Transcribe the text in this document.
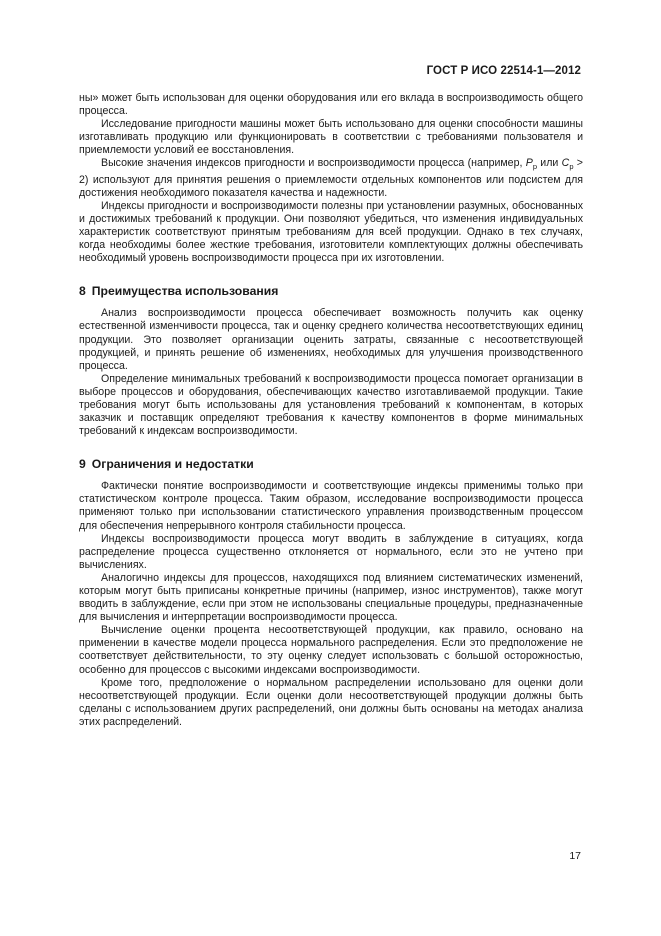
ГОСТ Р ИСО 22514-1—2012

ны» может быть использован для оценки оборудования или его вклада в воспроизводимость общего процесса.

Исследование пригодности машины может быть использовано для оценки способности машины изготавливать продукцию или функционировать в соответствии с требованиями пользователя и приемлемости условий ее восстановления.

Высокие значения индексов пригодности и воспроизводимости процесса (например, $P_p$ или $C_p > 2$) используют для принятия решения о приемлемости отдельных компонентов или подсистем для достижения необходимого показателя качества и надежности.

Индексы пригодности и воспроизводимости полезны при установлении разумных, обоснованных и достижимых требований к продукции. Они позволяют убедиться, что изменения индивидуальных характеристик соответствуют принятым требованиям для всей продукции. Однако в тех случаях, когда необходимы более жесткие требования, изготовители комплектующих должны обеспечивать необходимый уровень воспроизводимости процесса при их изготовлении.

8 Преимущества использования

Анализ воспроизводимости процесса обеспечивает возможность получить как оценку естественной изменчивости процесса, так и оценку среднего количества несоответствующих единиц продукции. Это позволяет организации оценить затраты, связанные с несоответствующей продукцией, и принять решение об изменениях, необходимых для улучшения производственного процесса.

Определение минимальных требований к воспроизводимости процесса помогает организации в выборе процессов и оборудования, обеспечивающих качество изготавливаемой продукции. Такие требования могут быть использованы для установления требований к компонентам, в которых заказчик и поставщик определяют требования к качеству компонентов в форме минимальных требований к индексам воспроизводимости.

9 Ограничения и недостатки

Фактически понятие воспроизводимости и соответствующие индексы применимы только при статистическом контроле процесса. Таким образом, исследование воспроизводимости процесса применяют только при использовании статистического управления производственным процессом для обеспечения непрерывного контроля стабильности процесса.

Индексы воспроизводимости процесса могут вводить в заблуждение в ситуациях, когда распределение процесса существенно отклоняется от нормального, если это не учтено при вычислениях.

Аналогично индексы для процессов, находящихся под влиянием систематических изменений, которым могут быть приписаны конкретные причины (например, износ инструментов), также могут вводить в заблуждение, если при этом не использованы специальные процедуры, предназначенные для вычисления и интерпретации воспроизводимости процесса.

Вычисление оценки процента несоответствующей продукции, как правило, основано на применении в качестве модели процесса нормального распределения. Если это предположение не соответствует действительности, то эту оценку следует использовать с большой осторожностью, особенно для процессов с высокими индексами воспроизводимости.

Кроме того, предположение о нормальном распределении использовано для оценки доли несоответствующей продукции. Если оценки доли несоответствующей продукции должны быть сделаны с использованием других распределений, они должны быть основаны на методах анализа этих распределений.

17
